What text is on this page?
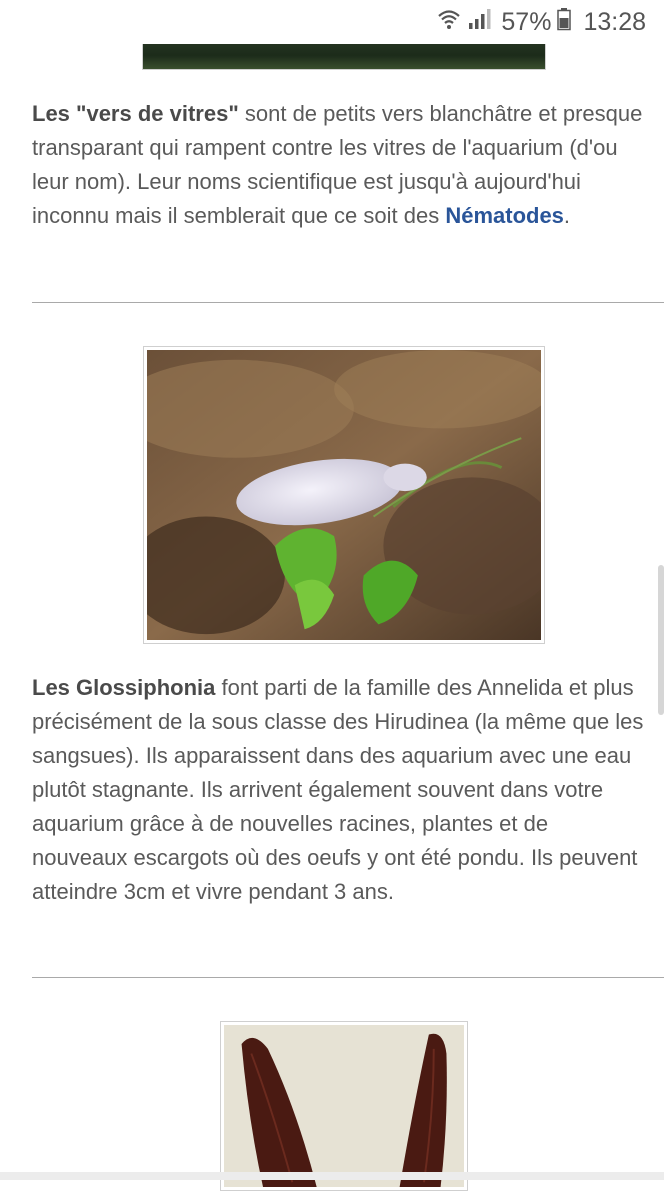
57% 13:28
Les "vers de vitres" sont de petits vers blanchâtre et presque transparant qui rampent contre les vitres de l'aquarium (d'ou leur nom). Leur noms scientifique est jusqu'à aujourd'hui inconnu mais il semblerait que ce soit des Nématodes.
Les Glossiphonia font parti de la famille des Annelida et plus précisément de la sous classe des Hirudinea (la même que les sangsues). Ils apparaissent dans des aquarium avec une eau plutôt stagnante. Ils arrivent également souvent dans votre aquarium grâce à de nouvelles racines, plantes et de nouveaux escargots où des oeufs y ont été pondu. Ils peuvent atteindre 3cm et vivre pendant 3 ans.
